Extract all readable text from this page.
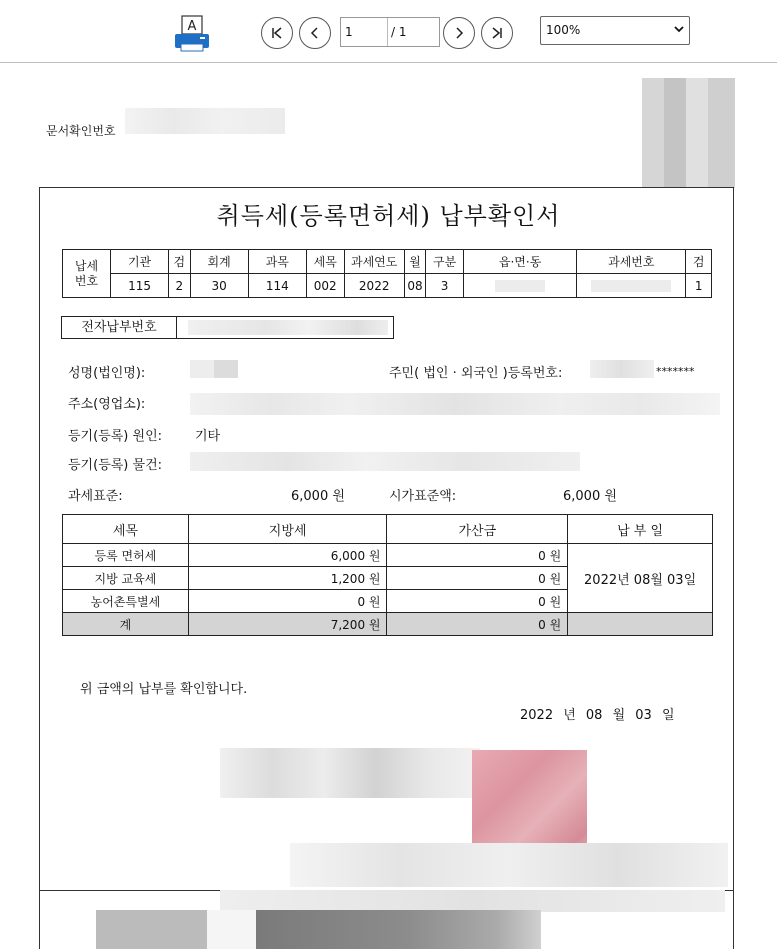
A	1	/ 1	100%
문서확인번호
취득세(등록면허세) 납부확인서
납세
번호	기관	검	회계	과목	세목	과세연도	월	구분	읍·면·동	과세번호	검
	115	2	30	114	002	2022	08	3			1
전자납부번호
성명(법인명):	주민( 법인 · 외국인 )등록번호:	*******
주소(영업소):
등기(등록) 원인:	기타
등기(등록) 물건:
과세표준:	6,000 원	시가표준액:	6,000 원
세목	지방세	가산금	납 부 일
등록 면허세	6,000 원	0 원	2022년 08월 03일
지방 교육세	1,200 원	0 원	
농어촌특별세	0 원	0 원	
계	7,200 원	0 원	
위 금액의 납부를 확인합니다.
2022 년 08 월 03 일
